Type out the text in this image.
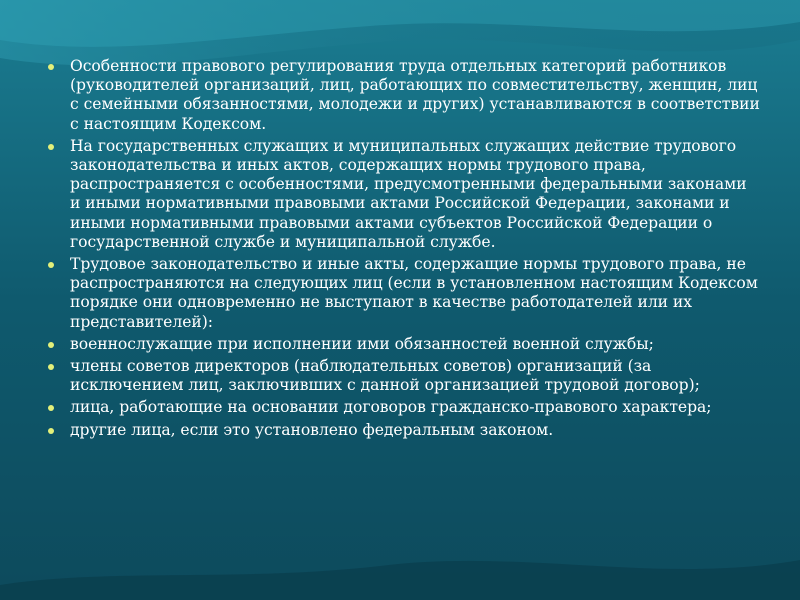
Особенности правового регулирования труда отдельных категорий работников (руководителей организаций, лиц, работающих по совместительству, женщин, лиц с семейными обязанностями, молодежи и других) устанавливаются в соответствии с настоящим Кодексом.
На государственных служащих и муниципальных служащих действие трудового законодательства и иных актов, содержащих нормы трудового права, распространяется с особенностями, предусмотренными федеральными законами и иными нормативными правовыми актами Российской Федерации, законами и иными нормативными правовыми актами субъектов Российской Федерации о государственной службе и муниципальной службе.
Трудовое законодательство и иные акты, содержащие нормы трудового права, не распространяются на следующих лиц (если в установленном настоящим Кодексом порядке они одновременно не выступают в качестве работодателей или их представителей):
военнослужащие при исполнении ими обязанностей военной службы;
члены советов директоров (наблюдательных советов) организаций (за исключением лиц, заключивших с данной организацией трудовой договор);
лица, работающие на основании договоров гражданско-правового характера;
другие лица, если это установлено федеральным законом.
